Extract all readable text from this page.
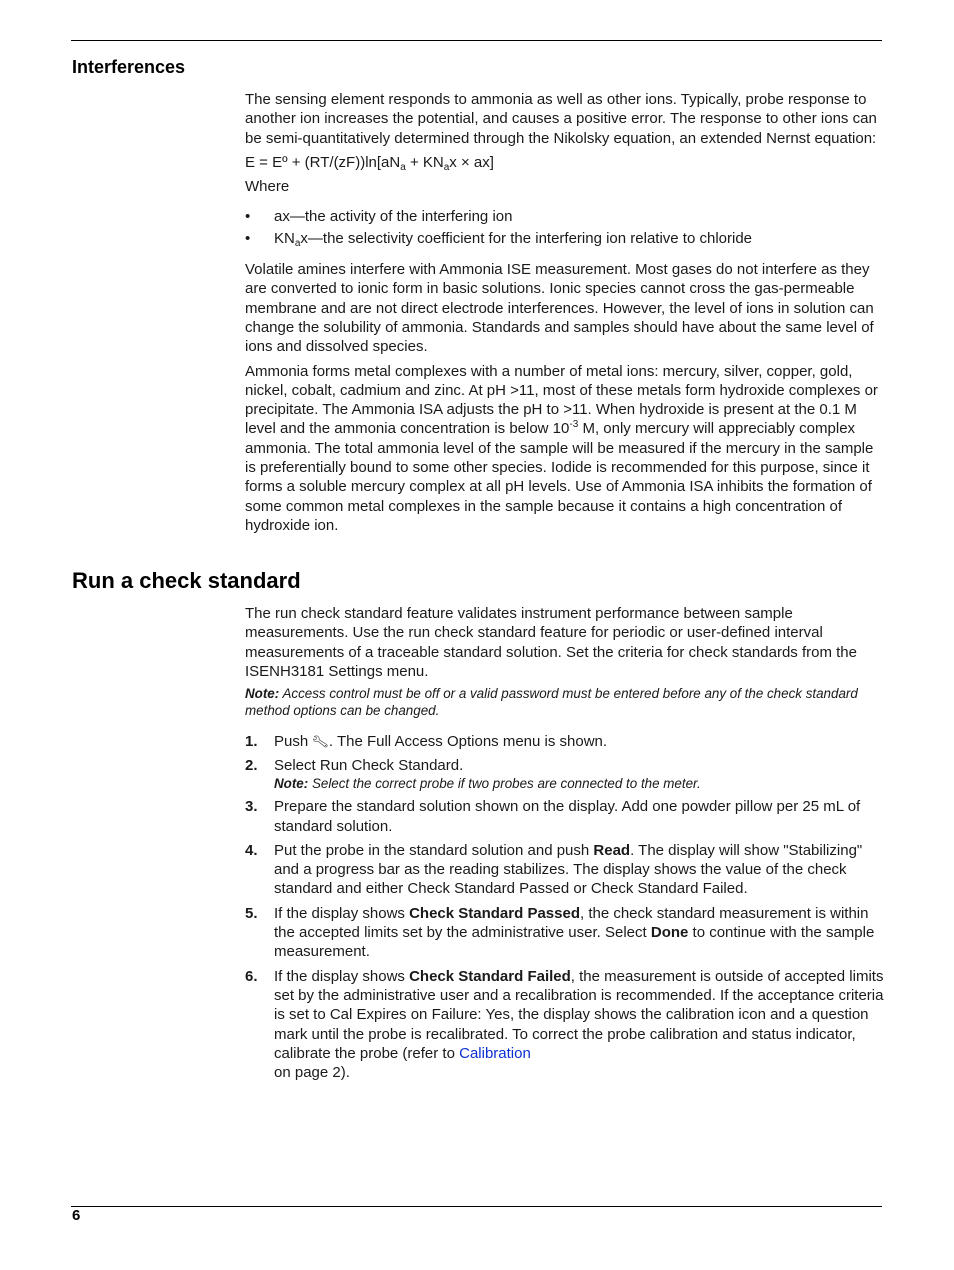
Interferences

The sensing element responds to ammonia as well as other ions. Typically, probe response to another ion increases the potential, and causes a positive error. The response to other ions can be semi-quantitatively determined through the Nikolsky equation, an extended Nernst equation:

E = Eº + $(RT/(zF))\ln[aN_a + KN_ax \times ax]$

Where

• ax—the activity of the interfering ion
• $KN_ax—the$ selectivity coefficient for the interfering ion relative to chloride

Volatile amines interfere with Ammonia ISE measurement. Most gases do not interfere as they are converted to ionic form in basic solutions. Ionic species cannot cross the gas-permeable membrane and are not direct electrode interferences. However, the level of ions in solution can change the solubility of ammonia. Standards and samples should have about the same level of ions and dissolved species.

Ammonia forms metal complexes with a number of metal ions: mercury, silver, copper, gold, nickel, cobalt, cadmium and zinc. At pH >11, most of these metals form hydroxide complexes or precipitate. The Ammonia ISA adjusts the pH to >11. When hydroxide is present at the 0.1 M level and the ammonia concentration is below $10^{-3}$ M, only mercury will appreciably complex ammonia. The total ammonia level of the sample will be measured if the mercury in the sample is preferentially bound to some other species. Iodide is recommended for this purpose, since it forms a soluble mercury complex at all pH levels. Use of Ammonia ISA inhibits the formation of some common metal complexes in the sample because it contains a high concentration of hydroxide ion.

Run a check standard

The run check standard feature validates instrument performance between sample measurements. Use the run check standard feature for periodic or user-defined interval measurements of a traceable standard solution. Set the criteria for check standards from the ISENH3181 Settings menu.

Note: Access control must be off or a valid password must be entered before any of the check standard method options can be changed.

1. Push 🔧︎. The Full Access Options menu is shown.
2. Select Run Check Standard.
Note: Select the correct probe if two probes are connected to the meter.
3. Prepare the standard solution shown on the display. Add one powder pillow per 25 mL of standard solution.
4. Put the probe in the standard solution and push Read. The display will show "Stabilizing" and a progress bar as the reading stabilizes. The display shows the value of the check standard and either Check Standard Passed or Check Standard Failed.
5. If the display shows Check Standard Passed, the check standard measurement is within the accepted limits set by the administrative user. Select Done to continue with the sample measurement.
6. If the display shows Check Standard Failed, the measurement is outside of accepted limits set by the administrative user and a recalibration is recommended. If the acceptance criteria is set to Cal Expires on Failure: Yes, the display shows the calibration icon and a question mark until the probe is recalibrated. To correct the probe calibration and status indicator, calibrate the probe (refer to Calibration
on page 2).
6
